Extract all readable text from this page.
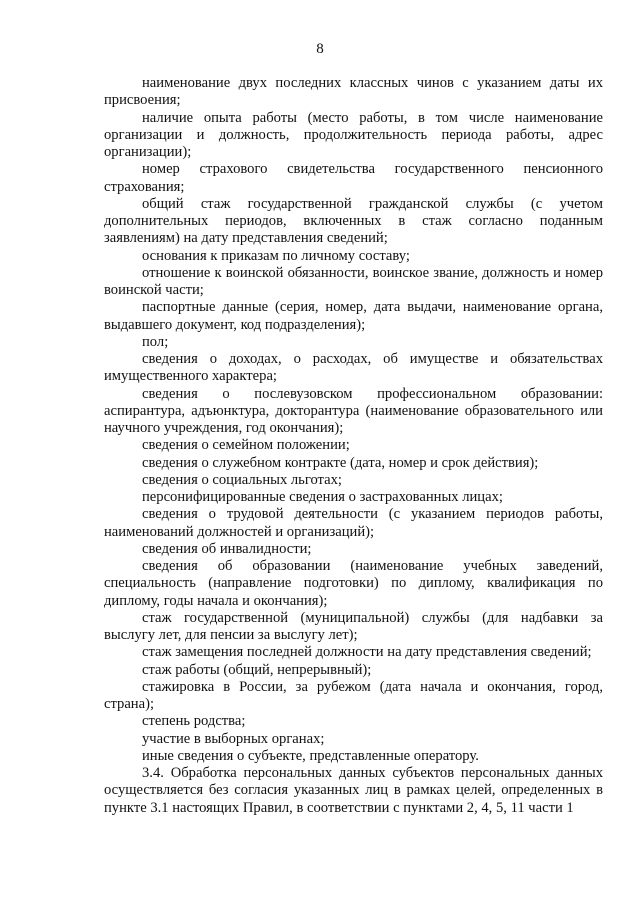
8

наименование двух последних классных чинов с указанием даты их присвоения;

наличие опыта работы (место работы, в том числе наименование организации и должность, продолжительность периода работы, адрес организации);

номер страхового свидетельства государственного пенсионного страхования;

общий стаж государственной гражданской службы (с учетом дополнительных периодов, включенных в стаж согласно поданным заявлениям) на дату представления сведений;

основания к приказам по личному составу;

отношение к воинской обязанности, воинское звание, должность и номер воинской части;

паспортные данные (серия, номер, дата выдачи, наименование органа, выдавшего документ, код подразделения);

пол;

сведения о доходах, о расходах, об имуществе и обязательствах имущественного характера;

сведения о послевузовском профессиональном образовании: аспирантура, адъюнктура, докторантура (наименование образовательного или научного учреждения, год окончания);

сведения о семейном положении;

сведения о служебном контракте (дата, номер и срок действия);

сведения о социальных льготах;

персонифицированные сведения о застрахованных лицах;

сведения о трудовой деятельности (с указанием периодов работы, наименований должностей и организаций);

сведения об инвалидности;

сведения об образовании (наименование учебных заведений, специальность (направление подготовки) по диплому, квалификация по диплому, годы начала и окончания);

стаж государственной (муниципальной) службы (для надбавки за выслугу лет, для пенсии за выслугу лет);

стаж замещения последней должности на дату представления сведений;

стаж работы (общий, непрерывный);

стажировка в России, за рубежом (дата начала и окончания, город, страна);

степень родства;

участие в выборных органах;

иные сведения о субъекте, представленные оператору.

3.4. Обработка персональных данных субъектов персональных данных осуществляется без согласия указанных лиц в рамках целей, определенных в пункте 3.1 настоящих Правил, в соответствии с пунктами 2, 4, 5, 11 части 1
